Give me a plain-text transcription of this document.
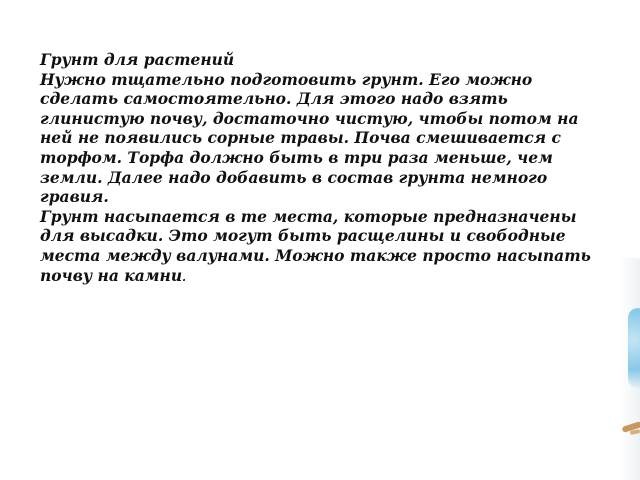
Грунт для растений

Нужно тщательно подготовить грунт. Его можно сделать самостоятельно. Для этого надо взять глинистую почву, достаточно чистую, чтобы потом на ней не появились сорные травы. Почва смешивается с торфом. Торфа должно быть в три раза меньше, чем земли. Далее надо добавить в состав грунта немного гравия.

Грунт насыпается в те места, которые предназначены для высадки. Это могут быть расщелины и свободные места между валунами. Можно также просто насыпать почву на камни.
